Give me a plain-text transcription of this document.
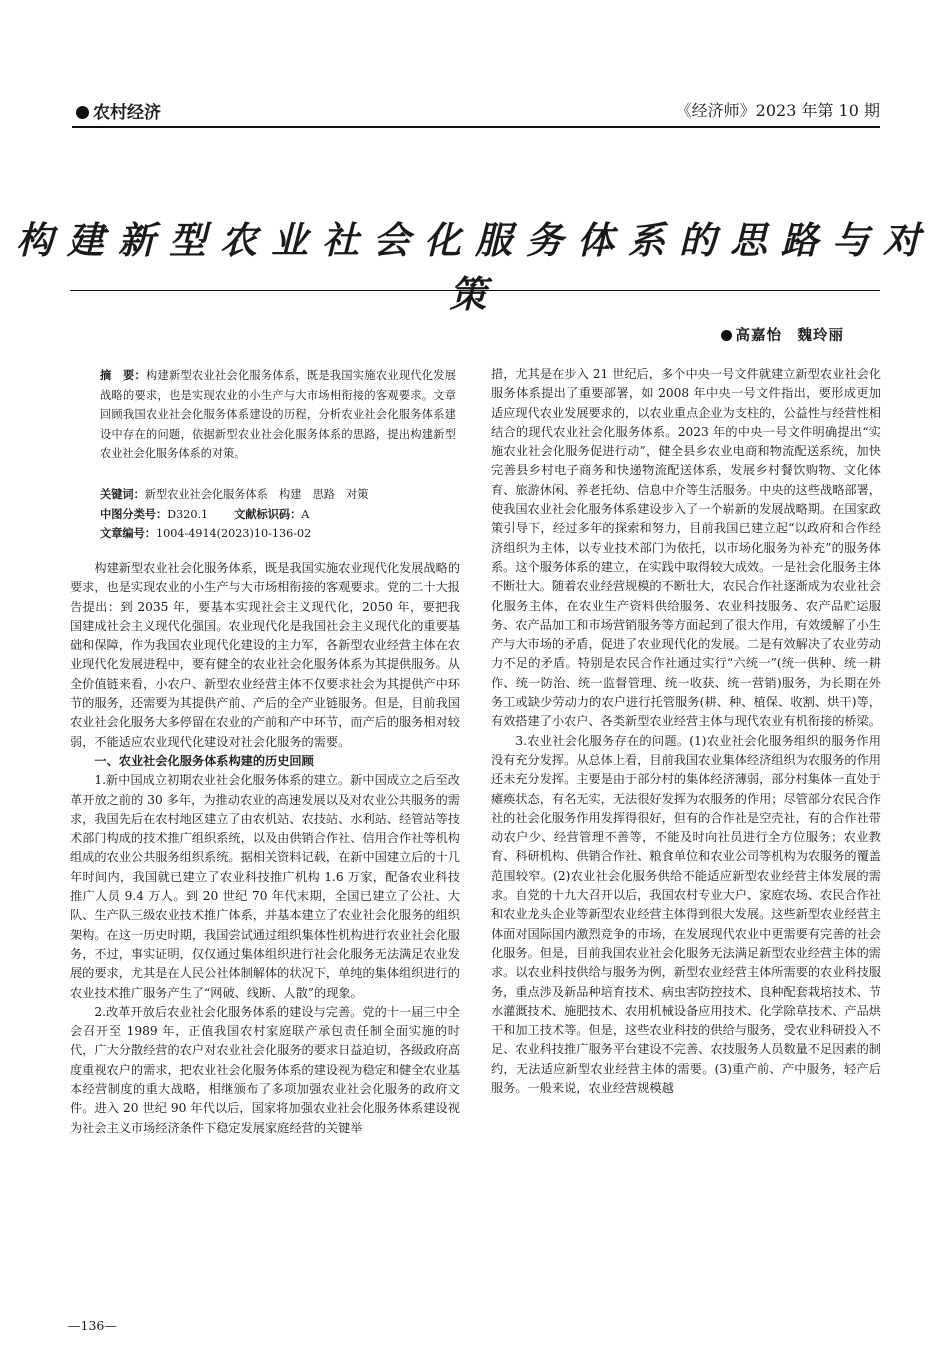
农村经济	《经济师》2023 年第 10 期
构建新型农业社会化服务体系的思路与对策
高嘉怡　魏玲丽
摘　要：构建新型农业社会化服务体系，既是我国实施农业现代化发展战略的要求，也是实现农业的小生产与大市场相衔接的客观要求。文章回顾我国农业社会化服务体系建设的历程，分析农业社会化服务体系建设中存在的问题，依据新型农业社会化服务体系的思路，提出构建新型农业社会化服务体系的对策。
关键词：新型农业社会化服务体系　构建　思路　对策
中图分类号：D320.1 文献标识码：A
文章编号：1004-4914(2023)10-136-02

构建新型农业社会化服务体系，既是我国实施农业现代化发展战略的要求，也是实现农业的小生产与大市场相衔接的客观要求。党的二十大报告提出：到 2035 年，要基本实现社会主义现代化，2050 年，要把我国建成社会主义现代化强国。农业现代化是我国社会主义现代化的重要基础和保障，作为我国农业现代化建设的主力军，各新型农业经营主体在农业现代化发展进程中，要有健全的农业社会化服务体系为其提供服务。从全价值链来看，小农户、新型农业经营主体不仅要求社会为其提供产中环节的服务，还需要为其提供产前、产后的全产业链服务。但是，目前我国农业社会化服务大多停留在农业的产前和产中环节，而产后的服务相对较弱，不能适应农业现代化建设对社会化服务的需要。

一、农业社会化服务体系构建的历史回顾

1.新中国成立初期农业社会化服务体系的建立。新中国成立之后至改革开放之前的 30 多年，为推动农业的高速发展以及对农业公共服务的需求，我国先后在农村地区建立了由农机站、农技站、水利站、经管站等技术部门构成的技术推广组织系统，以及由供销合作社、信用合作社等机构组成的农业公共服务组织系统。据相关资料记载，在新中国建立后的十几年时间内，我国就已建立了农业科技推广机构 1.6 万家，配备农业科技推广人员 9.4 万人。到 20 世纪 70 年代末期，全国已建立了公社、大队、生产队三级农业技术推广体系，并基本建立了农业社会化服务的组织架构。在这一历史时期，我国尝试通过组织集体性机构进行农业社会化服务，不过，事实证明，仅仅通过集体组织进行社会化服务无法满足农业发展的要求，尤其是在人民公社体制解体的状况下，单纯的集体组织进行的农业技术推广服务产生了“网破、线断、人散”的现象。

2.改革开放后农业社会化服务体系的建设与完善。党的十一届三中全会召开至 1989 年，正值我国农村家庭联产承包责任制全面实施的时代，广大分散经营的农户对农业社会化服务的要求日益迫切，各级政府高度重视农户的需求，把农业社会化服务体系的建设视为稳定和健全农业基本经营制度的重大战略，相继颁布了多项加强农业社会化服务的政府文件。进入 20 世纪 90 年代以后，国家将加强农业社会化服务体系建设视为社会主义市场经济条件下稳定发展家庭经营的关键举

措，尤其是在步入 21 世纪后，多个中央一号文件就建立新型农业社会化服务体系提出了重要部署，如 2008 年中央一号文件指出，要形成更加适应现代农业发展要求的，以农业重点企业为支柱的，公益性与经营性相结合的现代农业社会化服务体系。2023 年的中央一号文件明确提出“实施农业社会化服务促进行动”，健全县乡农业电商和物流配送系统，加快完善县乡村电子商务和快递物流配送体系，发展乡村餐饮购物、文化体育、旅游休闲、养老托幼、信息中介等生活服务。中央的这些战略部署，使我国农业社会化服务体系建设步入了一个崭新的发展战略期。在国家政策引导下，经过多年的探索和努力，目前我国已建立起“以政府和合作经济组织为主体，以专业技术部门为依托，以市场化服务为补充”的服务体系。这个服务体系的建立，在实践中取得较大成效。一是社会化服务主体不断壮大。随着农业经营规模的不断壮大，农民合作社逐渐成为农业社会化服务主体，在农业生产资料供给服务、农业科技服务、农产品贮运服务、农产品加工和市场营销服务等方面起到了很大作用，有效缓解了小生产与大市场的矛盾，促进了农业现代化的发展。二是有效解决了农业劳动力不足的矛盾。特别是农民合作社通过实行“六统一”(统一供种、统一耕作、统一防治、统一监督管理、统一收获、统一营销)服务，为长期在外务工或缺少劳动力的农户进行托管服务(耕、种、植保、收割、烘干)等，有效搭建了小农户、各类新型农业经营主体与现代农业有机衔接的桥梁。

3.农业社会化服务存在的问题。(1)农业社会化服务组织的服务作用没有充分发挥。从总体上看，目前我国农业集体经济组织为农服务的作用还未充分发挥。主要是由于部分村的集体经济薄弱，部分村集体一直处于瘫痪状态，有名无实，无法很好发挥为农服务的作用；尽管部分农民合作社的社会化服务作用发挥得很好，但有的合作社是空壳社，有的合作社带动农户少、经营管理不善等，不能及时向社员进行全方位服务；农业教育、科研机构、供销合作社、粮食单位和农业公司等机构为农服务的覆盖范围较窄。(2)农业社会化服务供给不能适应新型农业经营主体发展的需求。自党的十九大召开以后，我国农村专业大户、家庭农场、农民合作社和农业龙头企业等新型农业经营主体得到很大发展。这些新型农业经营主体面对国际国内激烈竞争的市场，在发展现代农业中更需要有完善的社会化服务。但是，目前我国农业社会化服务无法满足新型农业经营主体的需求。以农业科技供给与服务为例，新型农业经营主体所需要的农业科技服务，重点涉及新品种培育技术、病虫害防控技术、良种配套栽培技术、节水灌溉技术、施肥技术、农用机械设备应用技术、化学除草技术、产品烘干和加工技术等。但是，这些农业科技的供给与服务，受农业科研投入不足、农业科技推广服务平台建设不完善、农技服务人员数量不足因素的制约，无法适应新型农业经营主体的需要。(3)重产前、产中服务，轻产后服务。一般来说，农业经营规模越

—136—
